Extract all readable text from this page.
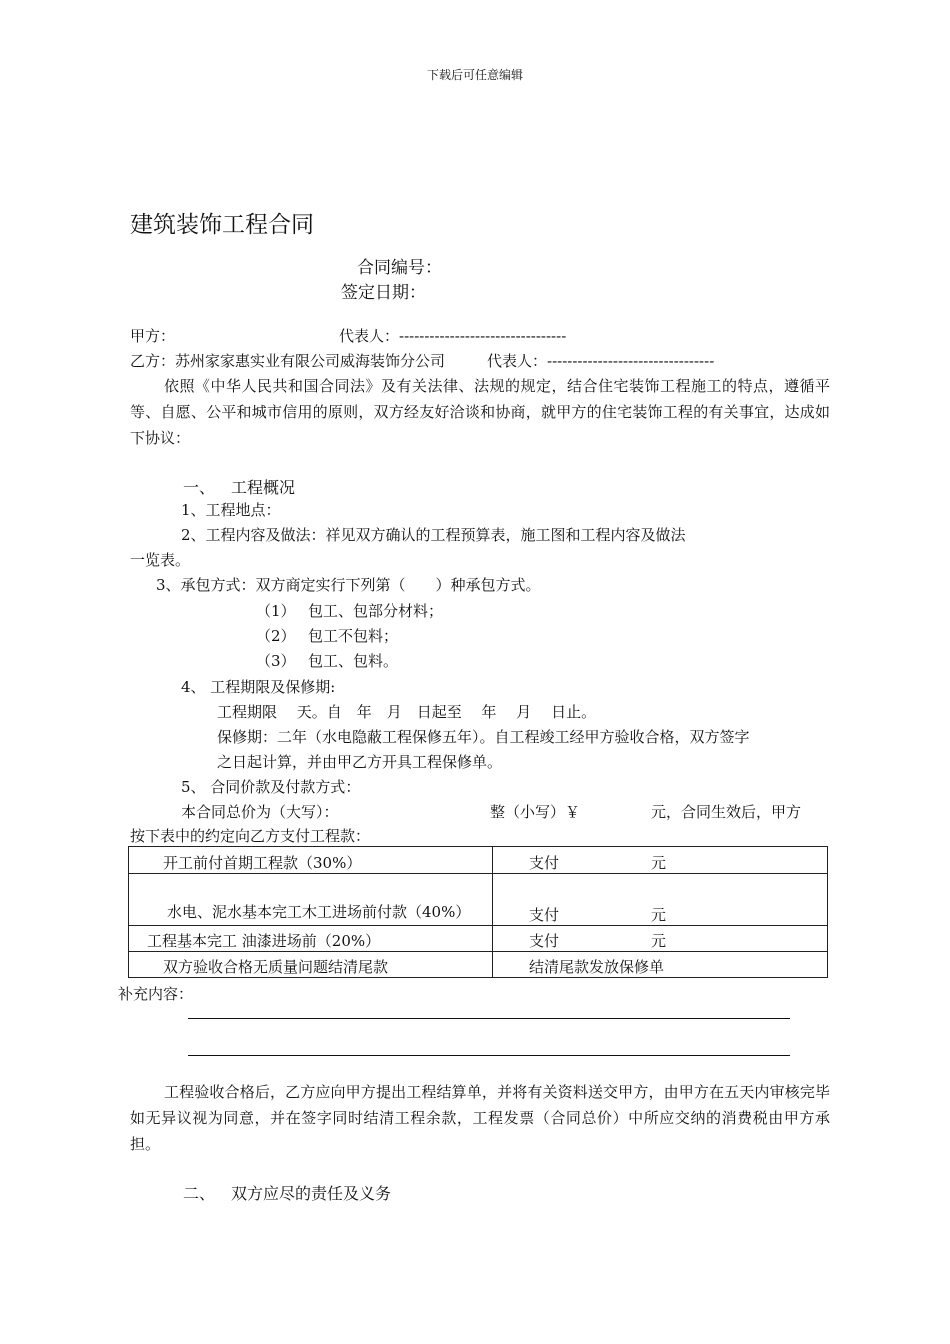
下载后可任意编辑
建筑装饰工程合同
合同编号：
签定日期：
甲方：	代表人：---------------------------------
乙方：苏州家家惠实业有限公司威海装饰分公司	代表人：---------------------------------
依照《中华人民共和国合同法》及有关法律、法规的规定，结合住宅装饰工程施工的特点，遵循平等、自愿、公平和城市信用的原则，双方经友好洽谈和协商，就甲方的住宅装饰工程的有关事宜，达成如下协议：
一、 工程概况
1、工程地点：
2、工程内容及做法：祥见双方确认的工程预算表，施工图和工程内容及做法
一览表。
3、承包方式：双方商定实行下列第（　　）种承包方式。
（1） 包工、包部分材料；
（2） 包工不包料；
（3） 包工、包料。
4、 工程期限及保修期:
工程期限　 天。自　年　月　日起至　 年　 月　 日止。
保修期：二年（水电隐蔽工程保修五年）。自工程竣工经甲方验收合格，双方签字
之日起计算，并由甲乙方开具工程保修单。
5、 合同价款及付款方式：
本合同总价为（大写）：	整（小写）￥	元，合同生效后，甲方
按下表中的约定向乙方支付工程款：
开工前付首期工程款（30%）	支付 元
水电、泥水基本完工木工进场前付款（40%）	支付 元
工程基本完工 油漆进场前（20%）	支付 元
双方验收合格无质量问题结清尾款	结清尾款发放保修单
补充内容：
工程验收合格后，乙方应向甲方提出工程结算单，并将有关资料送交甲方，由甲方在五天内审核完毕如无异议视为同意，并在签字同时结清工程余款，工程发票（合同总价）中所应交纳的消费税由甲方承担。
二、 双方应尽的责任及义务
